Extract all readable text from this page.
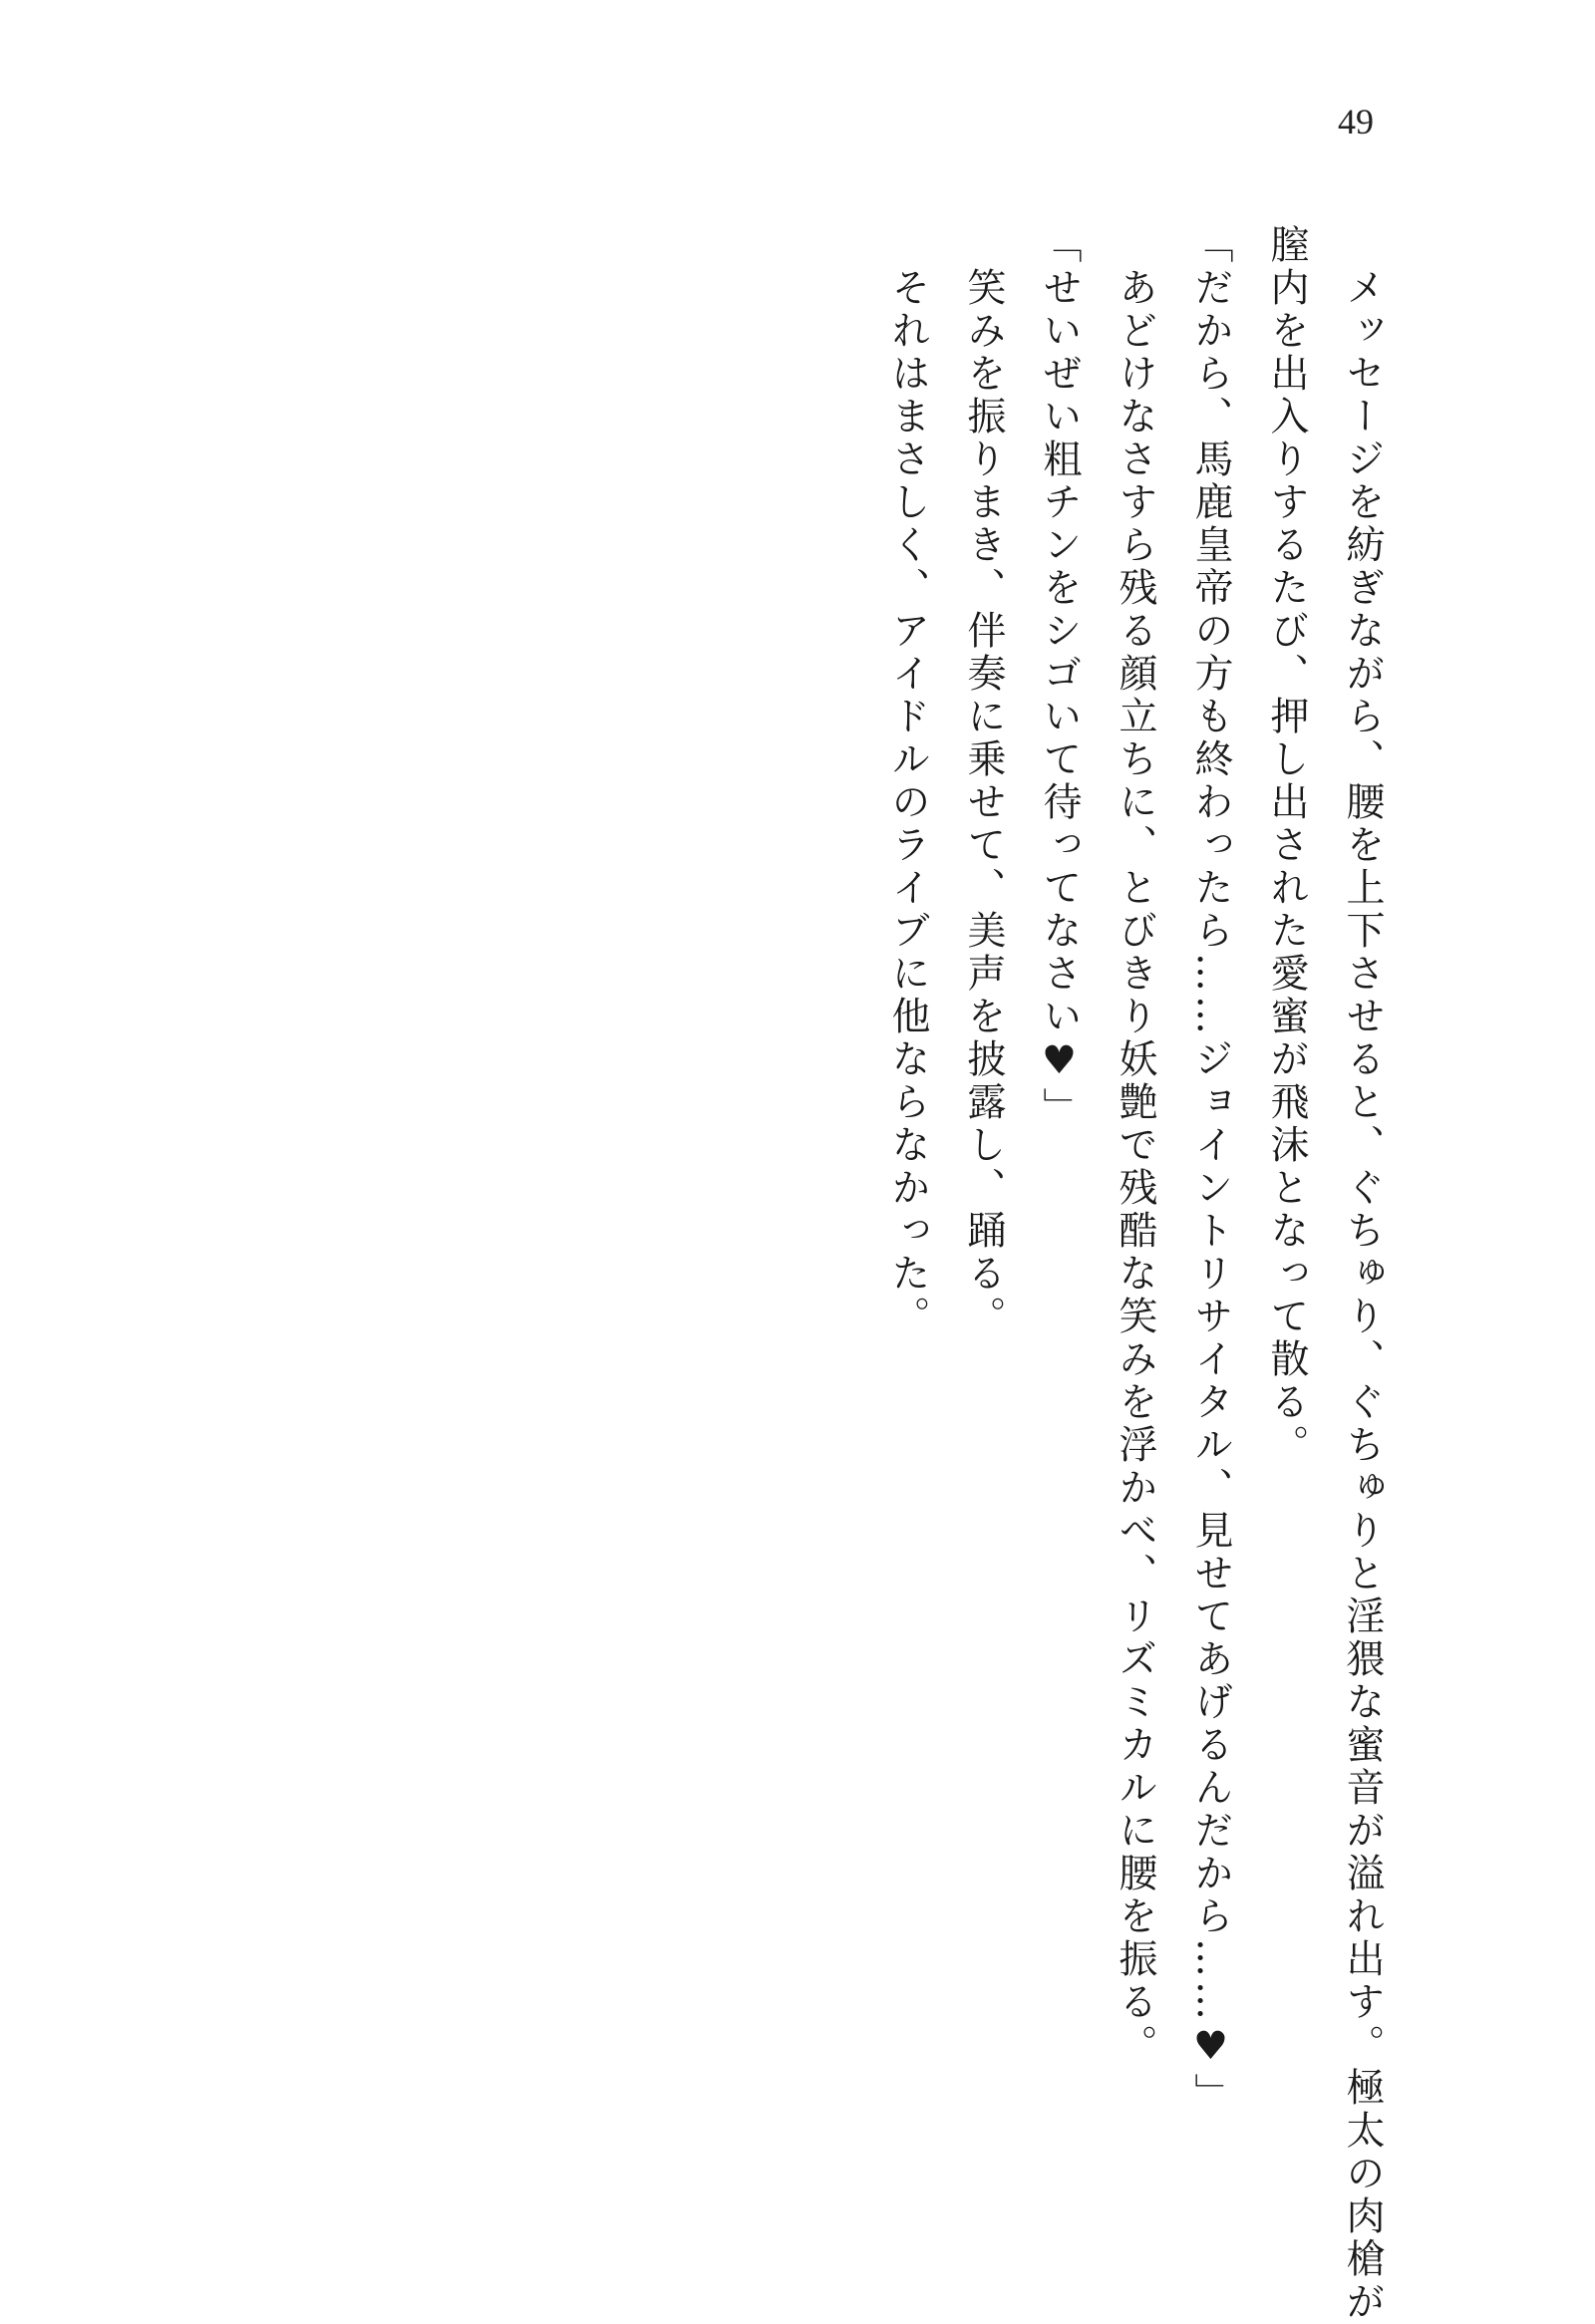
49
　メッセージを紡ぎながら、腰を上下させると、ぐちゅり、ぐちゅりと淫猥な蜜音が溢れ出す。極太の肉槍が
膣内を出入りするたび、押し出された愛蜜が飛沫となって散る。
「だから、馬鹿皇帝の方も終わったら……ジョイントリサイタル、見せてあげるんだから……♥」
　あどけなさすら残る顔立ちに、とびきり妖艶で残酷な笑みを浮かべ、リズミカルに腰を振る。
「せいぜい粗チンをシゴいて待ってなさい♥」
　笑みを振りまき、伴奏に乗せて、美声を披露し、踊る。
　それはまさしく、アイドルのライブに他ならなかった。
